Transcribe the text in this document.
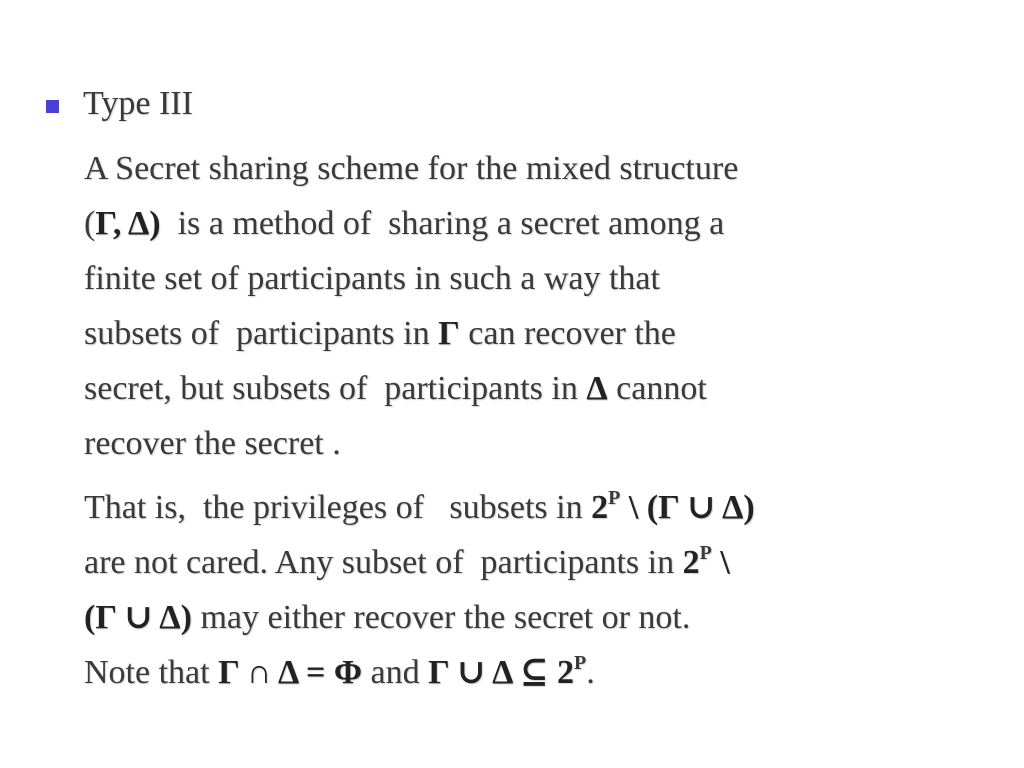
Type III
A Secret sharing scheme for the mixed structure
(Γ, Δ)  is a method of  sharing a secret among a
finite set of participants in such a way that
subsets of  participants in Γ can recover the
secret, but subsets of  participants in Δ cannot
recover the secret .
That is,  the privileges of   subsets in $2^P$ \ (Γ ∪ Δ)
are not cared. Any subset of  participants in $2^P$ \
(Γ ∪ Δ) may either recover the secret or not.
Note that Γ ∩ Δ = Φ and Γ ∪ Δ ⊆ $2^P$.
